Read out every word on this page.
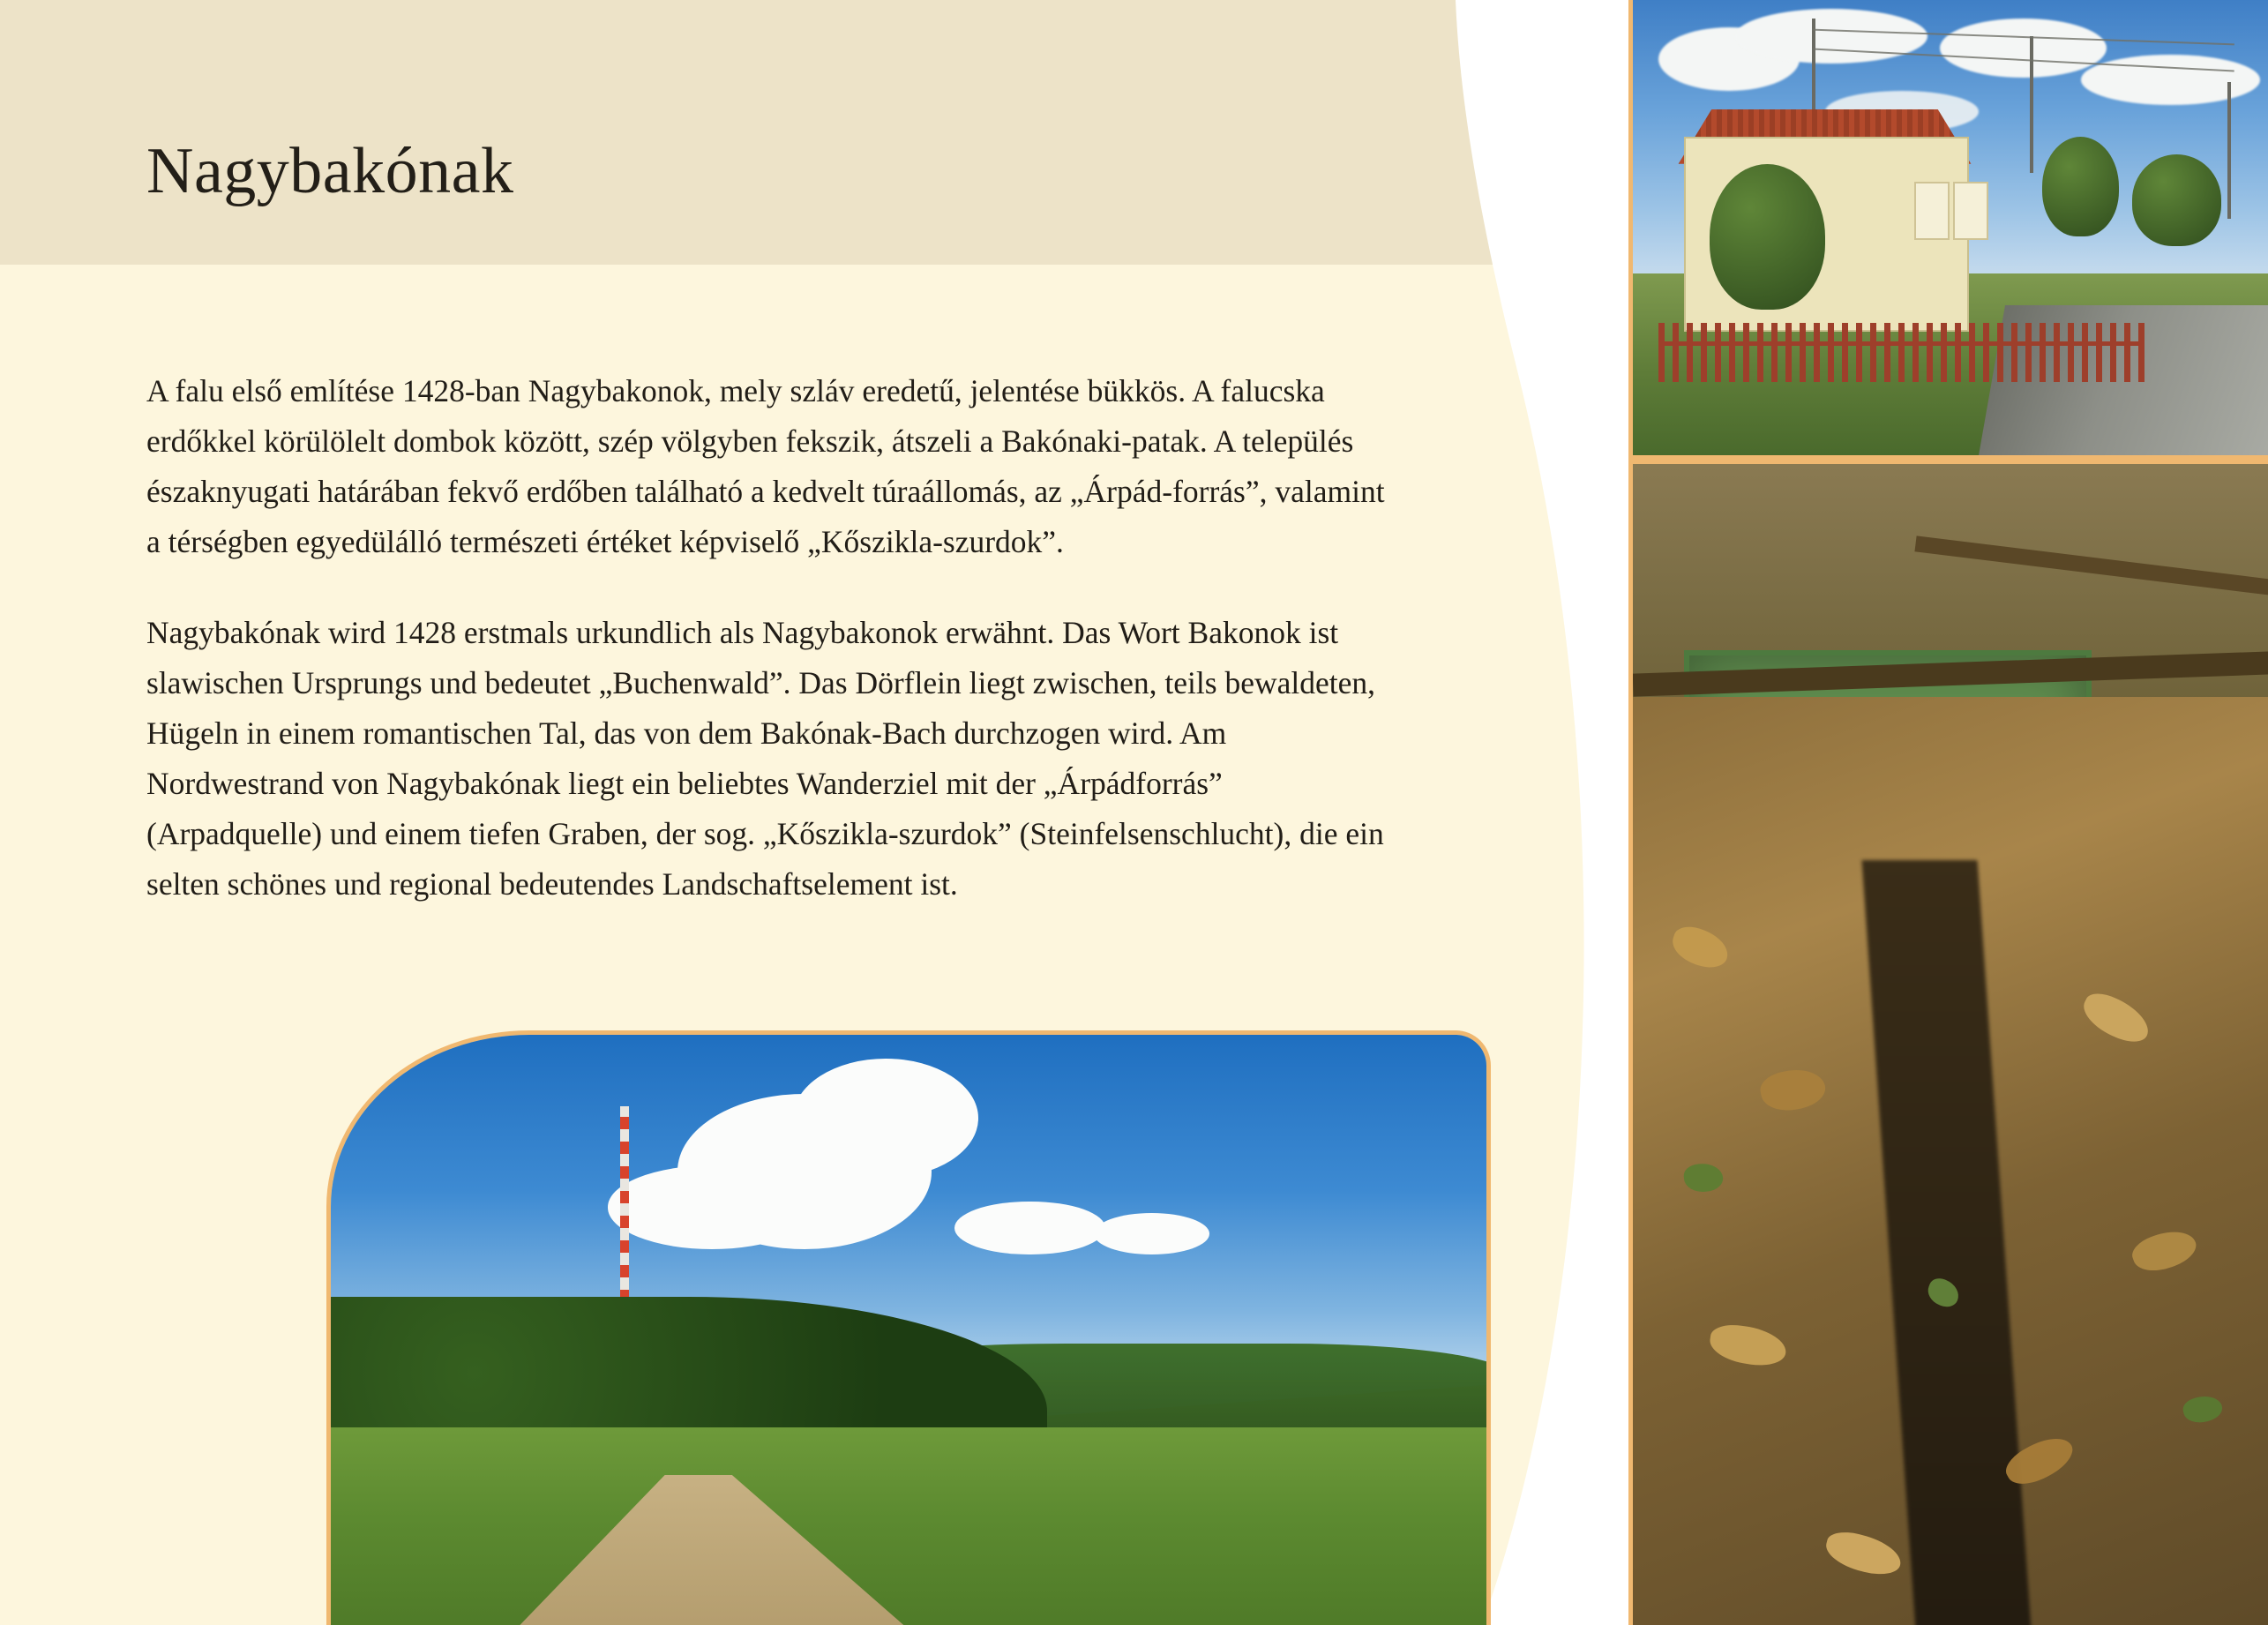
Nagybakónak

A falu első említése 1428-ban Nagybakonok, mely szláv eredetű, jelentése bükkös. A falucska erdőkkel körülölelt dombok között, szép völgyben fekszik, átszeli a Bakónaki-patak. A település északnyugati határában fekvő erdőben található a kedvelt túraállomás, az „Árpád-forrás”, valamint a térségben egyedülálló természeti értéket képviselő „Kőszikla-szurdok”.

Nagybakónak wird 1428 erstmals urkundlich als Nagybakonok erwähnt. Das Wort Bakonok ist slawischen Ursprungs und bedeutet „Buchenwald”. Das Dörflein liegt zwischen, teils bewaldeten, Hügeln in einem romantischen Tal, das von dem Bakónak-Bach durchzogen wird. Am Nordwestrand von Nagybakónak liegt ein beliebtes Wanderziel mit der „Árpádforrás” (Arpadquelle) und einem tiefen Graben, der sog. „Kőszikla-szurdok” (Steinfelsenschlucht), die ein selten schönes und regional bedeutendes Landschaftselement ist.
